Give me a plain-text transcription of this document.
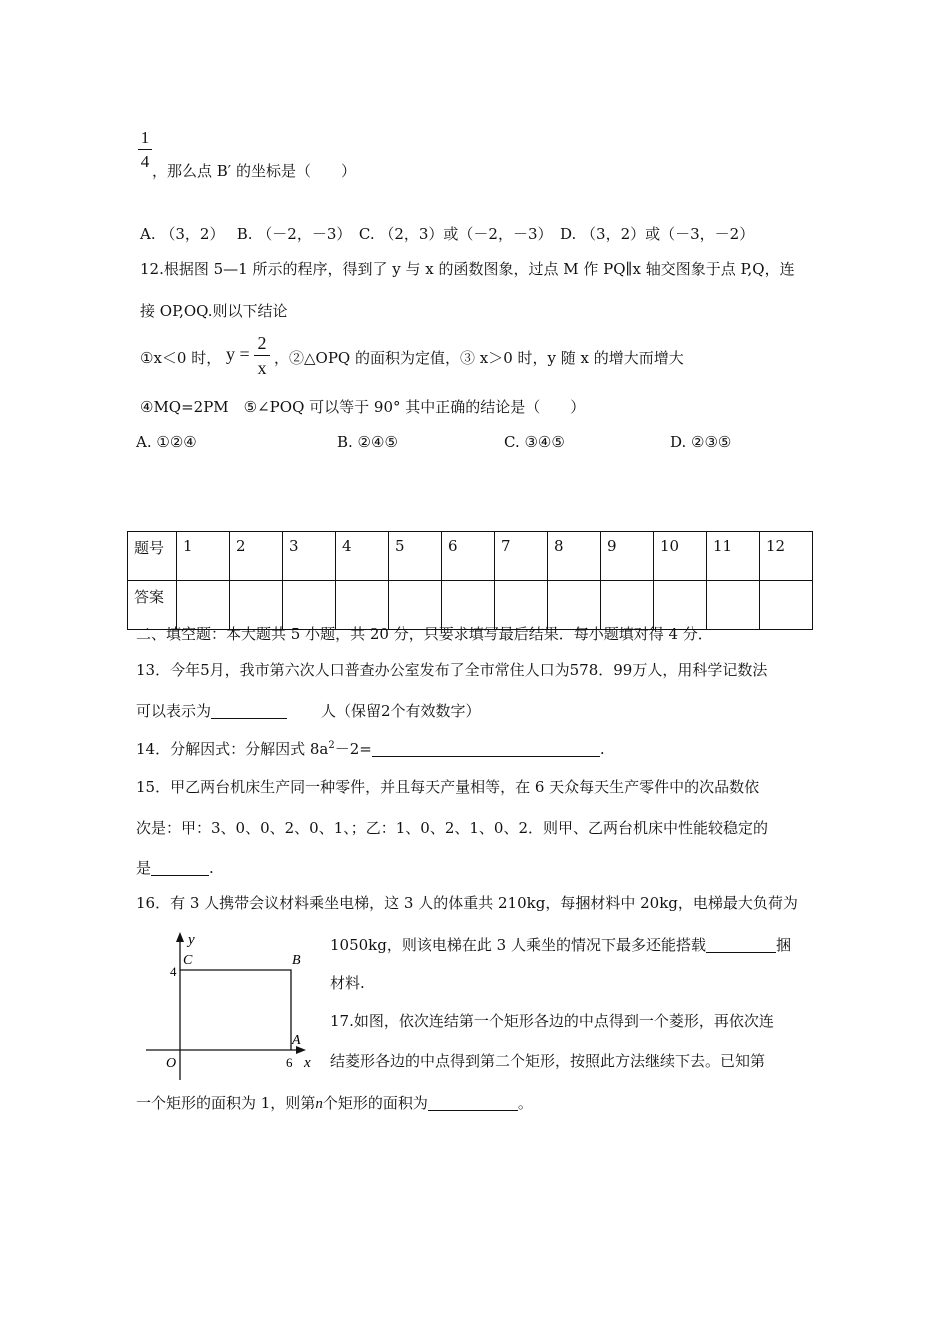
1
4 ，那么点 B′ 的坐标是（　　）
A. （3，2）　 B. （－2，－3）　C. （2，3）或（－2，－3）　D. （3，2）或（－3，－2）
12.根据图 5—1 所示的程序，得到了 y 与 x 的函数图象，过点 M 作 PQ∥x 轴交图象于点 P,Q，连
接 OP,OQ.则以下结论
①x＜0 时， y =
2
x ，②△OPQ 的面积为定值，③ x＞0 时，y 随 x 的增大而增大
④MQ=2PM　⑤∠POQ 可以等于 90° 其中正确的结论是（　　）
A. ①②④	B. ②④⑤	C. ③④⑤	D. ②③⑤
题号	1	2	3	4	5	6	7	8	9	10	11	12
答案												
二、填空题：本大题共 5 小题，共 20 分，只要求填写最后结果．每小题填对得 4 分．
13．今年5月，我市第六次人口普查办公室发布了全市常住人口为578．99万人，用科学记数法
可以表示为	人（保留2个有效数字）
14．分解因式：分解因式 $8a^2-2=$	.
15．甲乙两台机床生产同一种零件，并且每天产量相等，在 6 天众每天生产零件中的次品数依
次是：甲：3、0、0、2、0、1、；乙：1、0、2、1、0、2．则甲、乙两台机床中性能较稳定的
是	.
16．有 3 人携带会议材料乘坐电梯，这 3 人的体重共 210kg，每捆材料中 20kg，电梯最大负荷为
1050kg，则该电梯在此 3 人乘坐的情况下最多还能搭载	捆
材料.
17.如图，依次连结第一个矩形各边的中点得到一个菱形，再依次连
结菱形各边的中点得到第二个矩形，按照此方法继续下去。已知第
一个矩形的面积为 1，则第n个矩形的面积为	。
y
C	B
4
A
O	6 x
